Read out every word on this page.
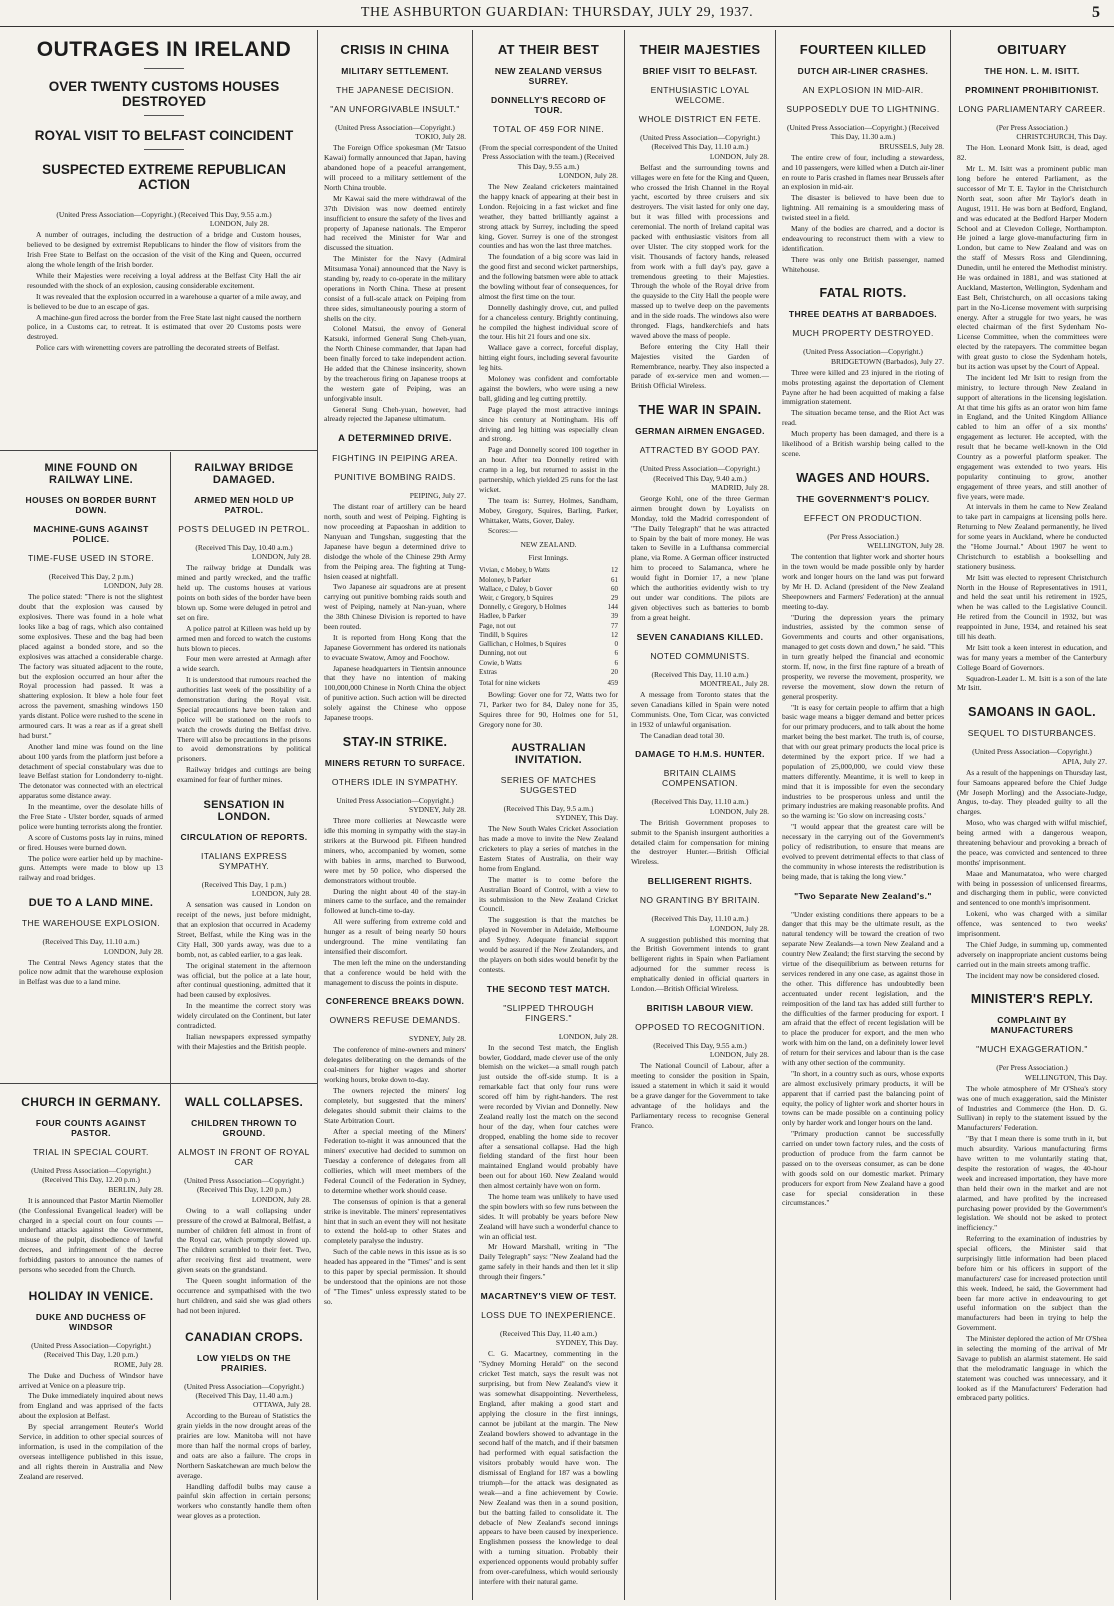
THE ASHBURTON GUARDIAN: THURSDAY, JULY 29, 1937.	5
OUTRAGES IN IRELAND
OVER TWENTY CUSTOMS HOUSES DESTROYED
ROYAL VISIT TO BELFAST COINCIDENT
SUSPECTED EXTREME REPUBLICAN ACTION
(United Press Association—Copyright.) (Received This Day, 9.55 a.m.)
LONDON, July 28.

A number of outrages, including the destruction of a bridge and Custom houses, believed to be designed by extremist Republicans to hinder the flow of visitors from the Irish Free State to Belfast on the occasion of the visit of the King and Queen, occurred along the whole length of the Irish border.

While their Majesties were receiving a loyal address at the Belfast City Hall the air resounded with the shock of an explosion, causing considerable excitement.

It was revealed that the explosion occurred in a warehouse a quarter of a mile away, and is believed to be due to an escape of gas.

A machine-gun fired across the border from the Free State last night caused the northern police, in a Customs car, to retreat. It is estimated that over 20 Customs posts were destroyed.

Police cars with wirenetting covers are patrolling the decorated streets of Belfast.

MINE FOUND ON RAILWAY LINE.
HOUSES ON BORDER BURNT DOWN.
MACHINE-GUNS AGAINST POLICE.
TIME-FUSE USED IN STORE.
(Received This Day, 2 p.m.)
LONDON, July 28.

The police stated: "There is not the slightest doubt that the explosion was caused by explosives. There was found in a hole what looks like a bag of rags, which also contained some explosives. These and the bag had been placed against a bonded store, and so the explosives was attached a considerable charge. The factory was situated adjacent to the route, but the explosion occurred an hour after the Royal procession had passed. It was a shattering explosion. It blew a hole four feet across the pavement, smashing windows 150 yards distant. Police were rushed to the scene in armoured cars. It was a rear as if a great shell had burst."

Another land mine was found on the line about 100 yards from the platform just before a detachment of special constabulary was due to leave Belfast station for Londonderry to-night. The detonator was connected with an electrical apparatus some distance away.

In the meantime, over the desolate hills of the Free State - Ulster border, squads of armed police were hunting terrorists along the frontier.

A score of Customs posts lay in ruins, mined or fired. Houses were burned down.

The police were earlier held up by machine-guns. Attempts were made to blow up 13 railway and road bridges.

DUE TO A LAND MINE.
THE WAREHOUSE EXPLOSION.
(Received This Day, 11.10 a.m.)
LONDON, July 28.

The Central News Agency states that the police now admit that the warehouse explosion in Belfast was due to a land mine.

RAILWAY BRIDGE DAMAGED.
ARMED MEN HOLD UP PATROL.
POSTS DELUGED IN PETROL.
(Received This Day, 10.40 a.m.)
LONDON, July 28.

The railway bridge at Dundalk was mined and partly wrecked, and the traffic held up. The customs houses at various points on both sides of the border have been blown up. Some were deluged in petrol and set on fire.

A police patrol at Killeen was held up by armed men and forced to watch the customs huts blown to pieces.

Four men were arrested at Armagh after a wide search.

It is understood that rumours reached the authorities last week of the possibility of a demonstration during the Royal visit. Special precautions have been taken and police will be stationed on the roofs to watch the crowds during the Belfast drive. There will also be precautions in the prisons to avoid demonstrations by political prisoners.

Railway bridges and cuttings are being examined for fear of further mines.

SENSATION IN LONDON.
CIRCULATION OF REPORTS.
ITALIANS EXPRESS SYMPATHY.
(Received This Day, 1 p.m.)
LONDON, July 28.

A sensation was caused in London on receipt of the news, just before midnight, that an explosion that occurred in Academy Street, Belfast, while the King was in the City Hall, 300 yards away, was due to a bomb, not, as cabled earlier, to a gas leak.

The original statement in the afternoon was official, but the police at a late hour, after continual questioning, admitted that it had been caused by explosives.

In the meantime the correct story was widely circulated on the Continent, but later contradicted.

Italian newspapers expressed sympathy with their Majesties and the British people.

CHURCH IN GERMANY.
FOUR COUNTS AGAINST PASTOR.
TRIAL IN SPECIAL COURT.
(United Press Association—Copyright.) (Received This Day, 12.20 p.m.)
BERLIN, July 28.

It is announced that Pastor Martin Niemoller (the Confessional Evangelical leader) will be charged in a special court on four counts — underhand attacks against the Government, misuse of the pulpit, disobedience of lawful decrees, and infringement of the decree forbidding pastors to announce the names of persons who seceded from the Church.

HOLIDAY IN VENICE.
DUKE AND DUCHESS OF WINDSOR
(United Press Association—Copyright.) (Received This Day, 1.20 p.m.)
ROME, July 28.

The Duke and Duchess of Windsor have arrived at Venice on a pleasure trip.

The Duke immediately inquired about news from England and was apprised of the facts about the explosion at Belfast.

By special arrangement Reuter's World Service, in addition to other special sources of information, is used in the compilation of the overseas intelligence published in this issue, and all rights therein in Australia and New Zealand are reserved.

WALL COLLAPSES.
CHILDREN THROWN TO GROUND.
ALMOST IN FRONT OF ROYAL CAR
(United Press Association—Copyright.) (Received This Day, 1.20 p.m.)
LONDON, July 28.

Owing to a wall collapsing under pressure of the crowd at Balmoral, Belfast, a number of children fell almost in front of the Royal car, which promptly slowed up. The children scrambled to their feet. Two, after receiving first aid treatment, were given seats on the grandstand.

The Queen sought information of the occurrence and sympathised with the two hurt children, and said she was glad others had not been injured.

CANADIAN CROPS.
LOW YIELDS ON THE PRAIRIES.
(United Press Association—Copyright.) (Received This Day, 11.40 a.m.)
OTTAWA, July 28.

According to the Bureau of Statistics the grain yields in the now drought areas of the prairies are low. Manitoba will not have more than half the normal crops of barley, and oats are also a failure. The crops in Northern Saskatchewan are much below the average.

Handling daffodil bulbs may cause a painful skin affection in certain persons; workers who constantly handle them often wear gloves as a protection.

CRISIS IN CHINA
MILITARY SETTLEMENT.
THE JAPANESE DECISION.
"AN UNFORGIVABLE INSULT."
(United Press Association—Copyright.)
TOKIO, July 28.

The Foreign Office spokesman (Mr Tatsuo Kawai) formally announced that Japan, having abandoned hope of a peaceful arrangement, will proceed to a military settlement of the North China trouble.

Mr Kawai said the mere withdrawal of the 37th Division was now deemed entirely insufficient to ensure the safety of the lives and property of Japanese nationals. The Emperor had received the Minister for War and discussed the situation.

The Minister for the Navy (Admiral Mitsumasa Yonai) announced that the Navy is standing by, ready to co-operate in the military operations in North China. These at present consist of a full-scale attack on Peiping from three sides, simultaneously pouring a storm of shells on the city.

Colonel Matsui, the envoy of General Katsuki, informed General Sung Cheh-yuan, the North Chinese commander, that Japan had been finally forced to take independent action. He added that the Chinese insincerity, shown by the treacherous firing on Japanese troops at the western gate of Peiping, was an unforgivable insult.

General Sung Cheh-yuan, however, had already rejected the Japanese ultimatum.

A DETERMINED DRIVE.
FIGHTING IN PEIPING AREA.
PUNITIVE BOMBING RAIDS.
PEIPING, July 27.

The distant roar of artillery can be heard north, south and west of Peiping. Fighting is now proceeding at Papaoshan in addition to Nanyuan and Tungshan, suggesting that the Japanese have begun a determined drive to dislodge the whole of the Chinese 29th Army from the Peiping area. The fighting at Tung-hsien ceased at nightfall.

Two Japanese air squadrons are at present carrying out punitive bombing raids south and west of Peiping, namely at Nan-yuan, where the 38th Chinese Division is reported to have been routed.

It is reported from Hong Kong that the Japanese Government has ordered its nationals to evacuate Swatow, Amoy and Foochow.

Japanese headquarters in Tientsin announce that they have no intention of making 100,000,000 Chinese in North China the object of punitive action. Such action will be directed solely against the Chinese who oppose Japanese troops.

STAY-IN STRIKE.
MINERS RETURN TO SURFACE.
OTHERS IDLE IN SYMPATHY.
United Press Association—Copyright.)
SYDNEY, July 28.

Three more collieries at Newcastle were idle this morning in sympathy with the stay-in strikers at the Burwood pit. Fifteen hundred miners, who, accompanied by women, some with babies in arms, marched to Burwood, were met by 50 police, who dispersed the demonstrators without trouble.

During the night about 40 of the stay-in miners came to the surface, and the remainder followed at lunch-time to-day.

All were suffering from extreme cold and hunger as a result of being nearly 50 hours underground. The mine ventilating fan intensified their discomfort.

The men left the mine on the understanding that a conference would be held with the management to discuss the points in dispute.

CONFERENCE BREAKS DOWN.
OWNERS REFUSE DEMANDS.
SYDNEY, July 28.

The conference of mine-owners and miners' delegates deliberating on the demands of the coal-miners for higher wages and shorter working hours, broke down to-day.

The owners rejected the miners' log completely, but suggested that the miners' delegates should submit their claims to the State Arbitration Court.

After a special meeting of the Miners' Federation to-night it was announced that the miners' executive had decided to summon on Tuesday a conference of delegates from all collieries, which will meet members of the Federal Council of the Federation in Sydney, to determine whether work should cease.

The consensus of opinion is that a general strike is inevitable. The miners' representatives hint that in such an event they will not hesitate to extend the hold-up to other States and completely paralyse the industry.

Such of the cable news in this issue as is so headed has appeared in the "Times" and is sent to this paper by special permission. It should be understood that the opinions are not those of "The Times" unless expressly stated to be so.

AT THEIR BEST
NEW ZEALAND VERSUS SURREY.
DONNELLY'S RECORD OF TOUR.
TOTAL OF 459 FOR NINE.
(From the special correspondent of the United Press Association with the team.) (Received This Day, 9.55 a.m.)
LONDON, July 28.

The New Zealand cricketers maintained the happy knack of appearing at their best in London. Rejoicing in a fast wicket and fine weather, they batted brilliantly against a strong attack by Surrey, including the speed king, Gover. Surrey is one of the strongest counties and has won the last three matches.

The foundation of a big score was laid in the good first and second wicket partnerships, and the following batsmen were able to attack the bowling without fear of consequences, for almost the first time on the tour.

Donnelly dashingly drove, cut, and pulled for a chanceless century. Brightly continuing, he compiled the highest individual score of the tour. His hit 21 fours and one six.

Wallace gave a correct, forceful display, hitting eight fours, including several favourite leg hits.

Moloney was confident and comfortable against the bowlers, who were using a new ball, gliding and leg cutting prettily.

Page played the most attractive innings since his century at Nottingham. His off driving and leg hitting was especially clean and strong.

Page and Donnelly scored 100 together in an hour. After tea Donnelly retired with cramp in a leg, but returned to assist in the partnership, which yielded 25 runs for the last wicket.

The team is: Surrey, Holmes, Sandham, Mobey, Gregory, Squires, Barling, Parker, Whittaker, Watts, Gover, Daley.

Scores:—

NEW ZEALAND.
First Innings.
Vivian, c Mobey, b Watts	12
Moloney, b Parker	61
Wallace, c Daley, b Gover	60
Weir, c Gregory, b Squires	29
Donnelly, c Gregory, b Holmes	144
Hadlee, b Parker	39
Page, not out	77
Tindill, b Squires	12
Gallichan, c Holmes, b Squires	0
Dunning, not out	6
Cowie, b Watts	6
Extras	20
Total for nine wickets	459

Bowling: Gover one for 72, Watts two for 71, Parker two for 84, Daley none for 35, Squires three for 90, Holmes one for 51, Gregory none for 30.

AUSTRALIAN INVITATION.
SERIES OF MATCHES SUGGESTED
(Received This Day, 9.5 a.m.)
SYDNEY, This Day.

The New South Wales Cricket Association has made a move to invite the New Zealand cricketers to play a series of matches in the Eastern States of Australia, on their way home from England.

The matter is to come before the Australian Board of Control, with a view to its submission to the New Zealand Cricket Council.

The suggestion is that the matches be played in November in Adelaide, Melbourne and Sydney. Adequate financial support would be assured if the New Zealanders, and the players on both sides would benefit by the contests.

THE SECOND TEST MATCH.
"SLIPPED THROUGH FINGERS."
LONDON, July 28.

In the second Test match, the English bowler, Goddard, made clever use of the only blemish on the wicket—a small rough patch just outside the off-side stump. It is a remarkable fact that only four runs were scored off him by right-handers. The rest were recorded by Vivian and Donnelly. New Zealand really lost the match on the second hour of the day, when four catches were dropped, enabling the home side to recover after a sensational collapse. Had the high fielding standard of the first hour been maintained England would probably have been out for about 160. New Zealand would then almost certainly have won on form.

The home team was unlikely to have used the spin bowlers with so few runs between the sides. It will probably be years before New Zealand will have such a wonderful chance to win an official test.

Mr Howard Marshall, writing in "The Daily Telegraph" says: "New Zealand had the game safely in their hands and then let it slip through their fingers."

MACARTNEY'S VIEW OF TEST.
LOSS DUE TO INEXPERIENCE.
(Received This Day, 11.40 a.m.)
SYDNEY, This Day.

C. G. Macartney, commenting in the "Sydney Morning Herald" on the second cricket Test match, says the result was not surprising, but from New Zealand's view it was somewhat disappointing. Nevertheless, England, after making a good start and applying the closure in the first innings, cannot be jubilant at the margin. The New Zealand bowlers showed to advantage in the second half of the match, and if their batsmen had performed with equal satisfaction the visitors probably would have won. The dismissal of England for 187 was a bowling triumph—for the attack was designated as weak—and a fine achievement by Cowie. New Zealand was then in a sound position, but the batting failed to consolidate it. The debacle of New Zealand's second innings appears to have been caused by inexperience. Englishmen possess the knowledge to deal with a turning situation. Probably their experienced opponents would probably suffer from over-carefulness, which would seriously interfere with their natural game.

THEIR MAJESTIES
BRIEF VISIT TO BELFAST.
ENTHUSIASTIC LOYAL WELCOME.
WHOLE DISTRICT EN FETE.
(United Press Association—Copyright.) (Received This Day, 11.10 a.m.)
LONDON, July 28.

Belfast and the surrounding towns and villages were en fete for the King and Queen, who crossed the Irish Channel in the Royal yacht, escorted by three cruisers and six destroyers. The visit lasted for only one day, but it was filled with processions and ceremonial. The north of Ireland capital was packed with enthusiastic visitors from all over Ulster. The city stopped work for the visit. Thousands of factory hands, released from work with a full day's pay, gave a tremendous greeting to their Majesties. Through the whole of the Royal drive from the quayside to the City Hall the people were massed up to twelve deep on the pavements and in the side roads. The windows also were thronged. Flags, handkerchiefs and hats waved above the mass of people.

Before entering the City Hall their Majesties visited the Garden of Remembrance, nearby. They also inspected a parade of ex-service men and women.—British Official Wireless.

THE WAR IN SPAIN.
GERMAN AIRMEN ENGAGED.
ATTRACTED BY GOOD PAY.
(United Press Association—Copyright.) (Received This Day, 9.40 a.m.)
MADRID, July 28.

George Kohl, one of the three German airmen brought down by Loyalists on Monday, told the Madrid correspondent of "The Daily Telegraph" that he was attracted to Spain by the bait of more money. He was taken to Seville in a Lufthansa commercial plane, via Rome. A German officer instructed him to proceed to Salamanca, where he would fight in Dornier 17, a new 'plane which the authorities evidently wish to try out under war conditions. The pilots are given objectives such as batteries to bomb from a great height.

SEVEN CANADIANS KILLED.
NOTED COMMUNISTS.
(Received This Day, 11.10 a.m.)
MONTREAL, July 28.

A message from Toronto states that the seven Canadians killed in Spain were noted Communists. One, Tom Cicar, was convicted in 1932 of unlawful organisation.

The Canadian dead total 30.

DAMAGE TO H.M.S. HUNTER.
BRITAIN CLAIMS COMPENSATION.
(Received This Day, 11.10 a.m.)
LONDON, July 28.

The British Government proposes to submit to the Spanish insurgent authorities a detailed claim for compensation for mining the destroyer Hunter.—British Official Wireless.

BELLIGERENT RIGHTS.
NO GRANTING BY BRITAIN.
(Received This Day, 11.10 a.m.)
LONDON, July 28.

A suggestion published this morning that the British Government intends to grant belligerent rights in Spain when Parliament adjourned for the summer recess is emphatically denied in official quarters in London.—British Official Wireless.

BRITISH LABOUR VIEW.
OPPOSED TO RECOGNITION.
(Received This Day, 9.55 a.m.)
LONDON, July 28.

The National Council of Labour, after a meeting to consider the position in Spain, issued a statement in which it said it would be a grave danger for the Government to take advantage of the holidays and the Parliamentary recess to recognise General Franco.

FOURTEEN KILLED
DUTCH AIR-LINER CRASHES.
AN EXPLOSION IN MID-AIR.
SUPPOSEDLY DUE TO LIGHTNING.
(United Press Association—Copyright.) (Received This Day, 11.30 a.m.)
BRUSSELS, July 28.

The entire crew of four, including a stewardess, and 10 passengers, were killed when a Dutch air-liner en route to Paris crashed in flames near Brussels after an explosion in mid-air.

The disaster is believed to have been due to lightning. All remaining is a smouldering mass of twisted steel in a field.

Many of the bodies are charred, and a doctor is endeavouring to reconstruct them with a view to identification.

There was only one British passenger, named Whitehouse.

FATAL RIOTS.
THREE DEATHS AT BARBADOES.
MUCH PROPERTY DESTROYED.
(United Press Association—Copyright.)
BRIDGETOWN (Barbados), July 27.

Three were killed and 23 injured in the rioting of mobs protesting against the deportation of Clement Payne after he had been acquitted of making a false immigration statement.

The situation became tense, and the Riot Act was read.

Much property has been damaged, and there is a likelihood of a British warship being called to the scene.

WAGES AND HOURS.
THE GOVERNMENT'S POLICY.
EFFECT ON PRODUCTION.
(Per Press Association.)
WELLINGTON, July 28.

The contention that lighter work and shorter hours in the town would be made possible only by harder work and longer hours on the land was put forward by Mr H. D. Acland (president of the New Zealand Sheepowners and Farmers' Federation) at the annual meeting to-day.

"During the depression years the primary industries, assisted by the common sense of Governments and courts and other organisations, managed to get costs down and down," he said. "This in turn greatly helped the financial and economic storm. If, now, in the first fine rapture of a breath of prosperity, we reverse the movement, prosperity, we reverse the movement, slow down the return of general prosperity.

"It is easy for certain people to affirm that a high basic wage means a bigger demand and better prices for our primary producers, and to talk about the home market being the best market. The truth is, of course, that with our great primary products the local price is determined by the export price. If we had a population of 25,000,000, we could view these matters differently. Meantime, it is well to keep in mind that it is impossible for even the secondary industries to be prosperous unless and until the primary industries are making reasonable profits. And so the warning is: 'Go slow on increasing costs.'

"I would appear that the greatest care will be necessary in the carrying out of the Government's policy of redistribution, to ensure that means are evolved to prevent detrimental effects to that class of the community in whose interests the redistribution is being made, that is taking the long view."

"Two Separate New Zealand's."

"Under existing conditions there appears to be a danger that this may be the ultimate result, as the natural tendency will be toward the creation of two separate New Zealands—a town New Zealand and a country New Zealand; the first starving the second by virtue of the disequilibrium as between returns for services rendered in any one case, as against those in the other. This difference has undoubtedly been accentuated under recent legislation, and the reimposition of the land tax has added still further to the difficulties of the farmer producing for export. I am afraid that the effect of recent legislation will be to place the producer for export, and the men who work with him on the land, on a definitely lower level of return for their services and labour than is the case with any other section of the community.

"In short, in a country such as ours, whose exports are almost exclusively primary products, it will be apparent that if carried past the balancing point of equity, the policy of lighter work and shorter hours in towns can be made possible on a continuing policy only by harder work and longer hours on the land.

"Primary production cannot be successfully carried on under town factory rules, and the costs of production of produce from the farm cannot be passed on to the overseas consumer, as can be done with goods sold on our domestic market. Primary producers for export from New Zealand have a good case for special consideration in these circumstances."

OBITUARY
THE HON. L. M. ISITT.
PROMINENT PROHIBITIONIST.
LONG PARLIAMENTARY CAREER.
(Per Press Association.)
CHRISTCHURCH, This Day.

The Hon. Leonard Monk Isitt, is dead, aged 82.

Mr L. M. Isitt was a prominent public man long before he entered Parliament, as the successor of Mr T. E. Taylor in the Christchurch North seat, soon after Mr Taylor's death in August, 1911. He was born at Bedford, England, and was educated at the Bedford Harper Modern School and at Clevedon College, Northampton. He joined a large glove-manufacturing firm in London, but came to New Zealand and was on the staff of Messrs Ross and Glendinning, Dunedin, until he entered the Methodist ministry. He was ordained in 1881, and was stationed at Auckland, Masterton, Wellington, Sydenham and East Belt, Christchurch, on all occasions taking part in the No-License movement with surprising energy. After a struggle for two years, he was elected chairman of the first Sydenham No-License Committee, when the committees were elected by the ratepayers. The committee began with great gusto to close the Sydenham hotels, but its action was upset by the Court of Appeal.

The incident led Mr Isitt to resign from the ministry, to lecture through New Zealand in support of alterations in the licensing legislation. At that time his gifts as an orator won him fame in England, and the United Kingdom Alliance cabled to him an offer of a six months' engagement as lecturer. He accepted, with the result that he became well-known in the Old Country as a powerful platform speaker. The engagement was extended to two years. His popularity continuing to grow, another engagement of three years, and still another of five years, were made.

At intervals in them he came to New Zealand to take part in campaigns at licensing polls here. Returning to New Zealand permanently, he lived for some years in Auckland, where he conducted the "Home Journal." About 1907 he went to Christchurch to establish a bookselling and stationery business.

Mr Isitt was elected to represent Christchurch North in the House of Representatives in 1911, and held the seat until his retirement in 1925, when he was called to the Legislative Council. He retired from the Council in 1932, but was reappointed in June, 1934, and retained his seat till his death.

Mr Isitt took a keen interest in education, and was for many years a member of the Canterbury College Board of Governors.

Squadron-Leader L. M. Isitt is a son of the late Mr Isitt.

SAMOANS IN GAOL.
SEQUEL TO DISTURBANCES.
(United Press Association—Copyright.)
APIA, July 27.

As a result of the happenings on Thursday last, four Samoans appeared before the Chief Judge (Mr Joseph Morling) and the Associate-Judge, Angus, to-day. They pleaded guilty to all the charges.

Moso, who was charged with wilful mischief, being armed with a dangerous weapon, threatening behaviour and provoking a breach of the peace, was convicted and sentenced to three months' imprisonment.

Maae and Manumatatoa, who were charged with being in possession of unlicensed firearms, and discharging them in public, were convicted and sentenced to one month's imprisonment.

Lokeni, who was charged with a similar offence, was sentenced to two weeks' imprisonment.

The Chief Judge, in summing up, commented adversely on inappropriate ancient customs being carried out in the main streets among traffic.

The incident may now be considered closed.

MINISTER'S REPLY.
COMPLAINT BY MANUFACTURERS
"MUCH EXAGGERATION."
(Per Press Association.)
WELLINGTON, This Day.

The whole atmosphere of Mr O'Shea's story was one of much exaggeration, said the Minister of Industries and Commerce (the Hon. D. G. Sullivan) in reply to the statement issued by the Manufacturers' Federation.

"By that I mean there is some truth in it, but much absurdity. Various manufacturing firms have written to me voluntarily stating that, despite the restoration of wages, the 40-hour week and increased importation, they have more than held their own in the market and are not alarmed, and have profited by the increased purchasing power provided by the Government's legislation. We should not be asked to protect inefficiency."

Referring to the examination of industries by special officers, the Minister said that surprisingly little information had been placed before him or his officers in support of the manufacturers' case for increased protection until this week. Indeed, he said, the Government had been far more active in endeavouring to get useful information on the subject than the manufacturers had been in trying to help the Government.

The Minister deplored the action of Mr O'Shea in selecting the morning of the arrival of Mr Savage to publish an alarmist statement. He said that the melodramatic language in which the statement was couched was unnecessary, and it looked as if the Manufacturers' Federation had embraced party politics.
